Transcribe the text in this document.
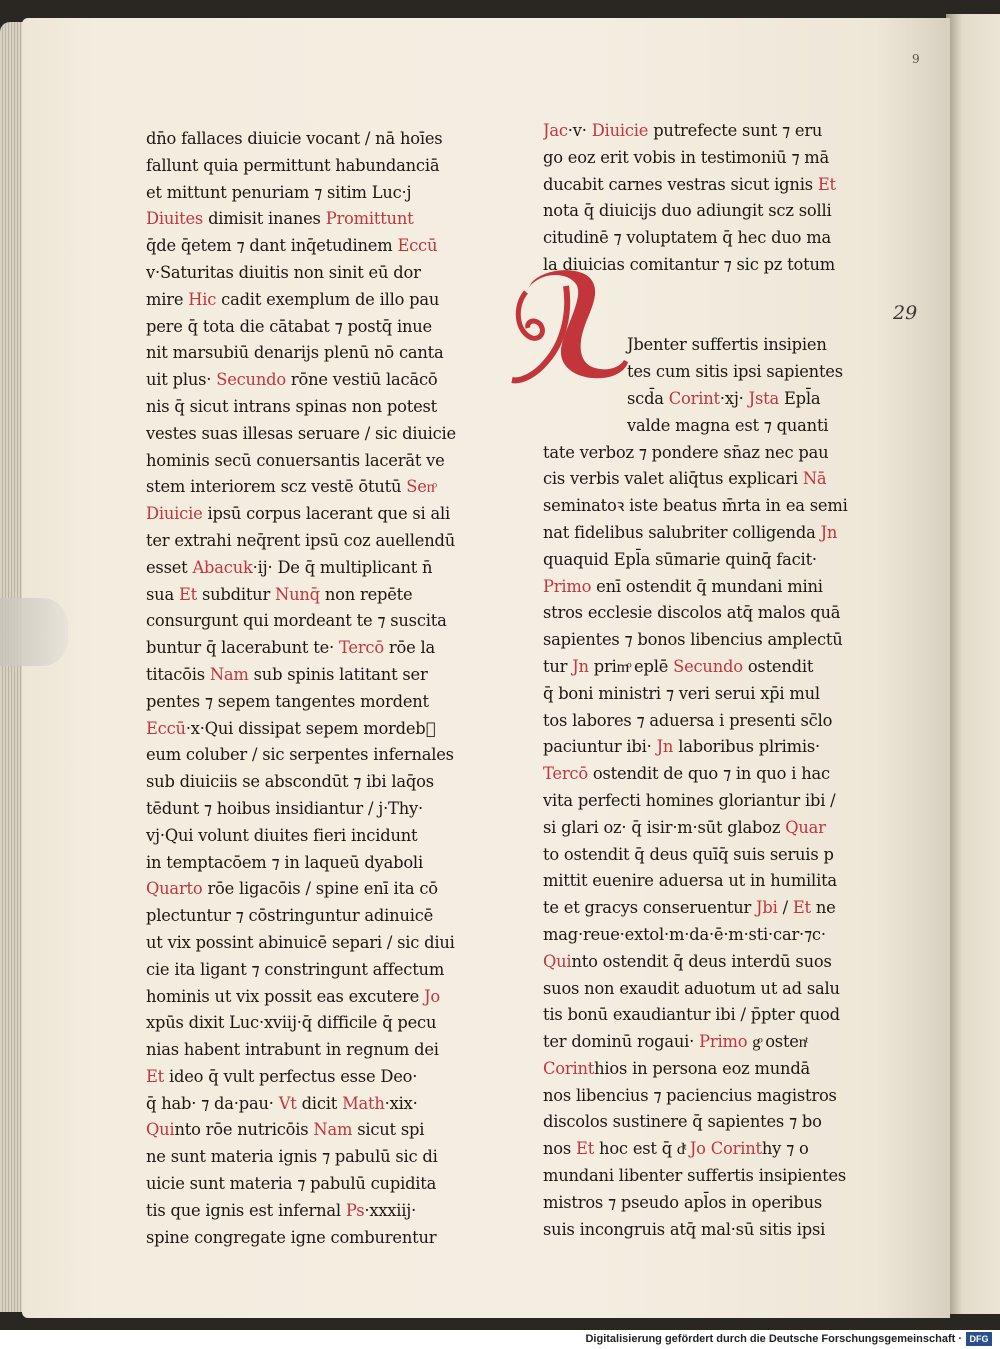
9
29
dn̄o fallaces diuicie vocant / nā hoīes
fallunt quia permittunt habundanciā
et mittunt penuriam ⁊ sitim Luc·j
Diuites dimisit inanes Promittunt
q̄de q̄etem ⁊ dant inq̄etudinem Eccū
v·Saturitas diuitis non sinit eū dor
mire Hic cadit exemplum de illo pau
pere q̄ tota die cātabat ⁊ postq̄ inue
nit marsubiū denarijs plenū nō canta
uit plus· Secundo rōne vestiū lacācō
nis q̄ sicut intrans spinas non potest
vestes suas illesas seruare / sic diuicie
hominis secū conuersantis lacerāt ve
stem interiorem scz vestē ōtutū Senͦ
Diuicie ipsū corpus lacerant que si ali
ter extrahi neq̄rent ipsū coz auellendū
esset Abacuk·ij· De q̄ multiplicant n̄
sua Et subditur Nunq̄ non repēte
consurgunt qui mordeant te ⁊ suscita
buntur q̄ lacerabunt te· Tercō rōe la
titacōis Nam sub spinis latitant ser
pentes ⁊ sepem tangentes mordent
Eccū·x·Qui dissipat sepem mordeb᷑
eum coluber / sic serpentes infernales
sub diuiciis se abscondūt ⁊ ibi laq̄os
tēdunt ⁊ hoibus insidiantur / j·Thy·
vj·Qui volunt diuites fieri incidunt
in temptacōem ⁊ in laqueū dyaboli
Quarto rōe ligacōis / spine enī ita cō
plectuntur ⁊ cōstringuntur adinuicē
ut vix possint abinuicē separi / sic diui
cie ita ligant ⁊ constringunt affectum
hominis ut vix possit eas excutere Jo
xpūs dixit Luc·xviij·q̄ difficile q̄ pecu
nias habent intrabunt in regnum dei
Et ideo q̄ vult perfectus esse Deo·
q̄ hab· ⁊ da·pau· Vt dicit Math·xix·
Quinto rōe nutricōis Nam sicut spi
ne sunt materia ignis ⁊ pabulū sic di
uicie sunt materia ⁊ pabulū cupidita
tis que ignis est infernal Ps·xxxiij·
spine congregate igne comburentur
Jac·v· Diuicie putrefecte sunt ⁊ eru
go eoz erit vobis in testimoniū ⁊ mā
ducabit carnes vestras sicut ignis Et
nota q̄ diuicijs duo adiungit scz solli
citudinē ⁊ voluptatem q̄ hec duo ma
la diuicias comitantur ⁊ sic pz totum
Jbenter suffertis insipien
tes cum sitis ipsi sapientes
scd̄a Corint·xj· Jsta Epl̄a
valde magna est ⁊ quanti
tate verboz ⁊ pondere sn̄az nec pau
cis verbis valet aliq̄tus explicari Nā
seminatoꝛ iste beatus m̄rta in ea semi
nat fidelibus salubriter colligenda Jn
quaquid Epl̄a sūmarie quinq̄ facit·
Primo enī ostendit q̄ mundani mini
stros ecclesie discolos atq̄ malos quā
sapientes ⁊ bonos libencius amplectū
tur Jn primͦ eplē Secundo ostendit
q̄ boni ministri ⁊ veri serui xp̄i mul
tos labores ⁊ aduersa i presenti sc̄lo
paciuntur ibi· Jn laboribus plrimis·
Tercō ostendit de quo ⁊ in quo i hac
vita perfecti homines gloriantur ibi /
si glari oz· q̄ isir·m·sūt glaboz Quar
to ostendit q̄ deus quīq̄ suis seruis p
mittit euenire aduersa ut in humilita
te et gracys conseruentur Jbi / Et ne
mag·reue·extol·m·da·ē·m·sti·car·⁊c·
Quinto ostendit q̄ deus interdū suos
suos non exaudit aduotum ut ad salu
tis bonū exaudiantur ibi / p̄pter quod
ter dominū rogaui· Primo gͦ ostenͭ
Corinthios in persona eoz mundā
nos libencius ⁊ paciencius magistros
discolos sustinere q̄ sapientes ⁊ bo
nos Et hoc est q̄ dͭ Jo Corinthy ⁊ o
mundani libenter suffertis insipientes
mistros ⁊ pseudo apl̄os in operibus
suis incongruis atq̄ mal·sū sitis ipsi
Digitalisierung gefördert durch die Deutsche Forschungsgemeinschaft · DFG
